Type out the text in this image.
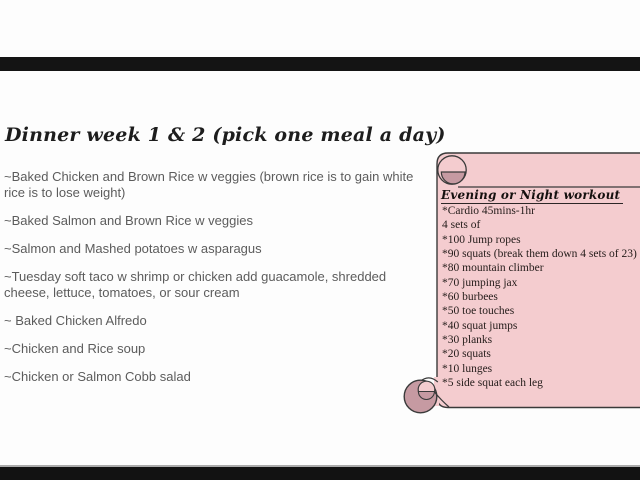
Dinner week 1 & 2 (pick one meal a day)

~Baked Chicken and Brown Rice w veggies (brown rice is to gain white rice is to lose weight)

~Baked Salmon and Brown Rice w veggies

~Salmon and Mashed potatoes w asparagus

~Tuesday soft taco w shrimp or chicken add guacamole, shredded cheese, lettuce, tomatoes, or sour cream

~ Baked Chicken Alfredo

~Chicken and Rice soup

~Chicken or Salmon Cobb salad

Evening or Night workout
*Cardio 45mins-1hr
4 sets of
*100 Jump ropes
*90 squats (break them down 4 sets of 23)
*80 mountain climber
*70 jumping jax
*60 burbees
*50 toe touches
*40 squat jumps
*30 planks
*20 squats
*10 lunges
*5 side squat each leg
